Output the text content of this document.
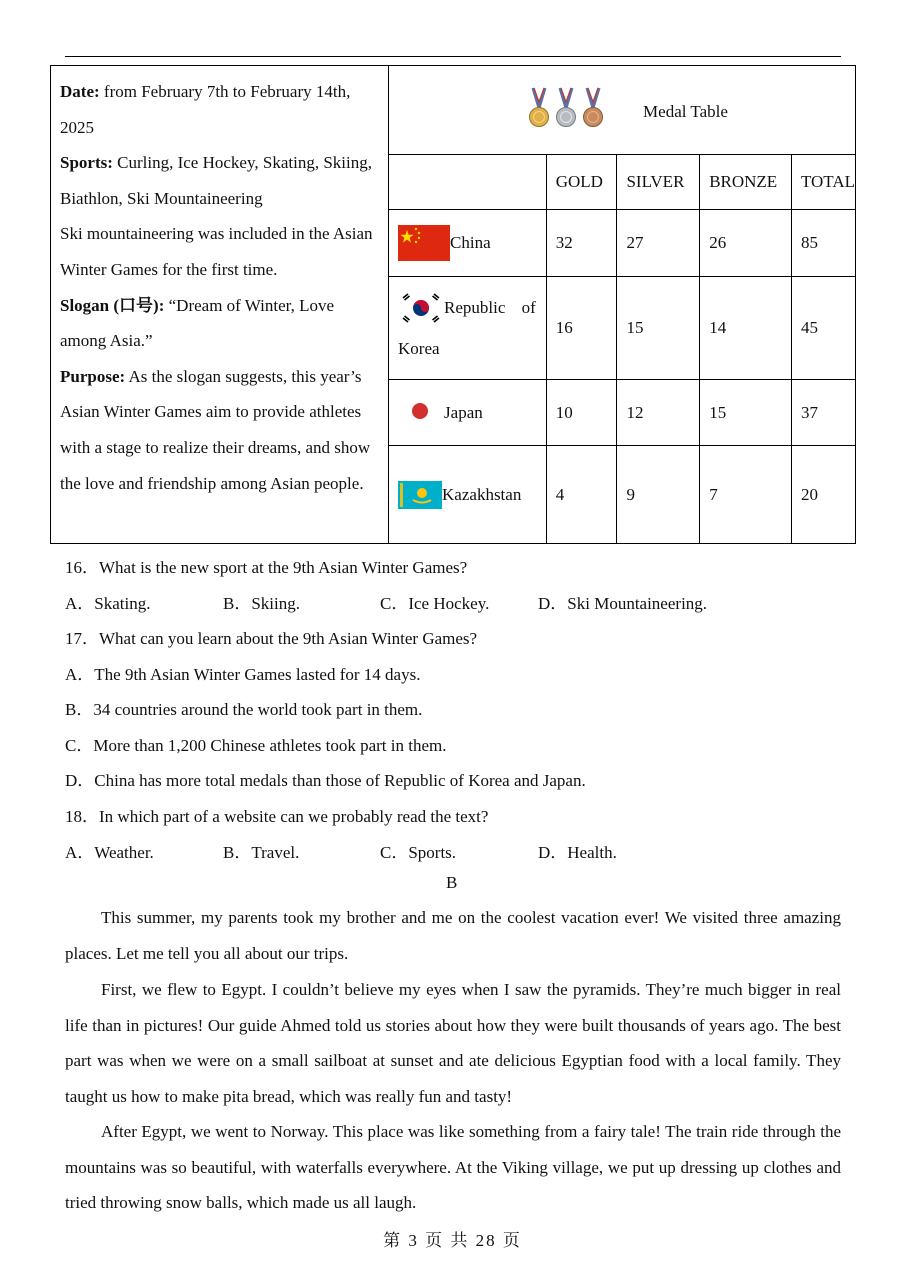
Date: from February 7th to February 14th, 2025
Sports: Curling, Ice Hockey, Skating, Skiing, Biathlon, Ski Mountaineering
Ski mountaineering was included in the Asian Winter Games for the first time.
Slogan (口号): “Dream of Winter, Love among Asia.”
Purpose: As the slogan suggests, this year’s Asian Winter Games aim to provide athletes with a stage to realize their dreams, and show the love and friendship among Asian people.	Medal Table				

		GOLD	SILVER	BRONZE	TOTAL
	China	32	27	26	85
	Republic of Korea	16	15	14	45
	Japan	10	12	15	37
	Kazakhstan	4	9	7	20
16．What is the new sport at the 9th Asian Winter Games?
A．Skating.	B．Skiing.	C．Ice Hockey.	D．Ski Mountaineering.
17．What can you learn about the 9th Asian Winter Games?
A．The 9th Asian Winter Games lasted for 14 days.
B．34 countries around the world took part in them.
C．More than 1,200 Chinese athletes took part in them.
D．China has more total medals than those of Republic of Korea and Japan.
18．In which part of a website can we probably read the text?
A．Weather.	B．Travel.	C．Sports.	D．Health.
B
This summer, my parents took my brother and me on the coolest vacation ever! We visited three amazing places. Let me tell you all about our trips.
First, we flew to Egypt. I couldn’t believe my eyes when I saw the pyramids. They’re much bigger in real life than in pictures! Our guide Ahmed told us stories about how they were built thousands of years ago. The best part was when we were on a small sailboat at sunset and ate delicious Egyptian food with a local family. They taught us how to make pita bread, which was really fun and tasty!
After Egypt, we went to Norway. This place was like something from a fairy tale! The train ride through the mountains was so beautiful, with waterfalls everywhere. At the Viking village, we put up dressing up clothes and tried throwing snow balls, which made us all laugh.
第 3 页 共 28 页
